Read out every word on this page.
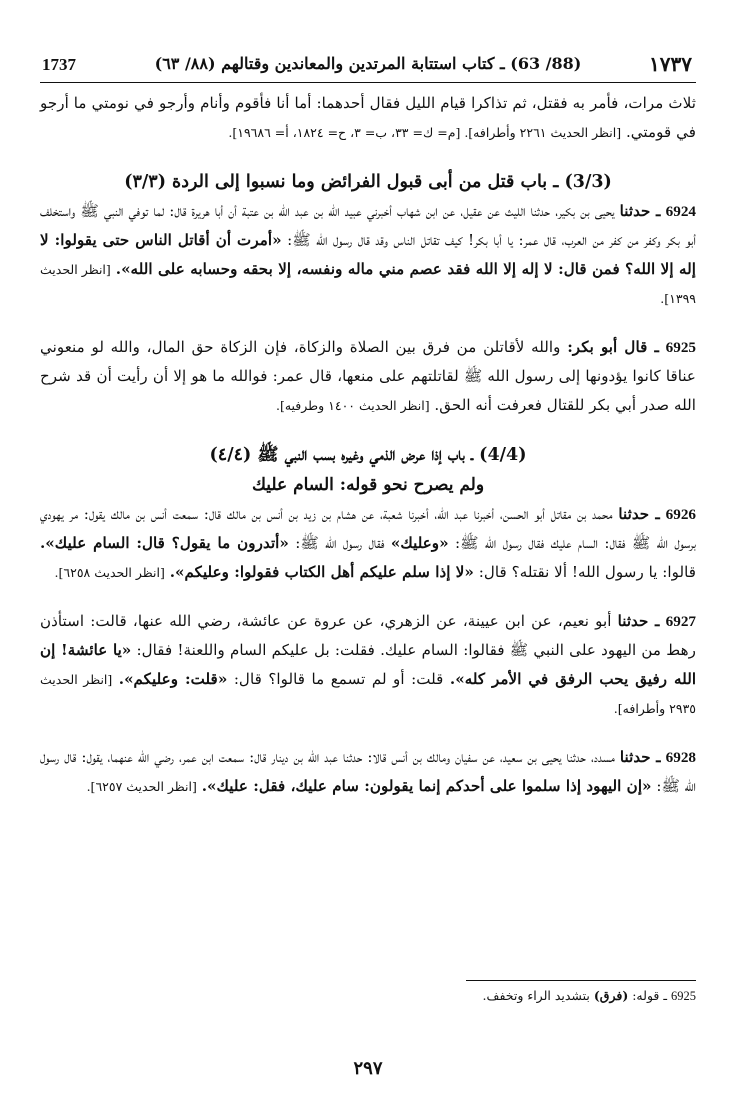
١٧٣٧
(88/ 63) ـ كتاب استتابة المرتدين والمعاندين وقتالهم (٨٨/ ٦٣)
1737

ثلاث مرات، فأمر به فقتل، ثم تذاكرا قيام الليل فقال أحدهما: أما أنا فأقوم وأنام وأرجو في نومتي ما أرجو في قومتي. [انظر الحديث ٢٢٦١ وأطرافه]. [م= ك= ٣٣، ب= ٣، ح= ١٨٢٤، أ= ١٩٦٨٦].

(3/3) ـ باب قتل من أبى قبول الفرائض وما نسبوا إلى الردة (٣/٣)

6924 ـ حدثنا يحيى بن بكير، حدثنا الليث عن عقيل، عن ابن شهاب أخبرني عبيد الله بن عبد الله بن عتبة أن أبا هريرة قال: لما توفي النبي ﷺ واستخلف أبو بكر وكفر من كفر من العرب، قال عمر: يا أبا بكر! كيف تقاتل الناس وقد قال رسول الله ﷺ: «أمرت أن أقاتل الناس حتى يقولوا: لا إله إلا الله؟ فمن قال: لا إله إلا الله فقد عصم مني ماله ونفسه، إلا بحقه وحسابه على الله». [انظر الحديث ١٣٩٩].

6925 ـ قال أبو بكر: والله لأقاتلن من فرق بين الصلاة والزكاة، فإن الزكاة حق المال، والله لو منعوني عناقا كانوا يؤدونها إلى رسول الله ﷺ لقاتلتهم على منعها، قال عمر: فوالله ما هو إلا أن رأيت أن قد شرح الله صدر أبي بكر للقتال فعرفت أنه الحق. [انظر الحديث ١٤٠٠ وطرفيه].

(4/4) ـ باب إذا عرض الذمي وغيره بسب النبي ﷺ (٤/٤)
ولم يصرح نحو قوله: السام عليك

6926 ـ حدثنا محمد بن مقاتل أبو الحسن، أخبرنا عبد الله، أخبرنا شعبة، عن هشام بن زيد بن أنس بن مالك قال: سمعت أنس بن مالك يقول: مر يهودي برسول الله ﷺ فقال: السام عليك فقال رسول الله ﷺ: «وعليك» فقال رسول الله ﷺ: «أتدرون ما يقول؟ قال: السام عليك». قالوا: يا رسول الله! ألا نقتله؟ قال: «لا إذا سلم عليكم أهل الكتاب فقولوا: وعليكم». [انظر الحديث ٦٢٥٨].

6927 ـ حدثنا أبو نعيم، عن ابن عيينة، عن الزهري، عن عروة عن عائشة، رضي الله عنها، قالت: استأذن رهط من اليهود على النبي ﷺ فقالوا: السام عليك. فقلت: بل عليكم السام واللعنة! فقال: «يا عائشة! إن الله رفيق يحب الرفق في الأمر كله». قلت: أو لم تسمع ما قالوا؟ قال: «قلت: وعليكم». [انظر الحديث ٢٩٣٥ وأطرافه].

6928 ـ حدثنا مسدد، حدثنا يحيى بن سعيد، عن سفيان ومالك بن أنس قالا: حدثنا عبد الله بن دينار قال: سمعت ابن عمر، رضي الله عنهما، يقول: قال رسول الله ﷺ: «إن اليهود إذا سلموا على أحدكم إنما يقولون: سام عليك، فقل: عليك». [انظر الحديث ٦٢٥٧].

6925 ـ قوله: (فرق) بتشديد الراء وتخفف.
٢٩٧
